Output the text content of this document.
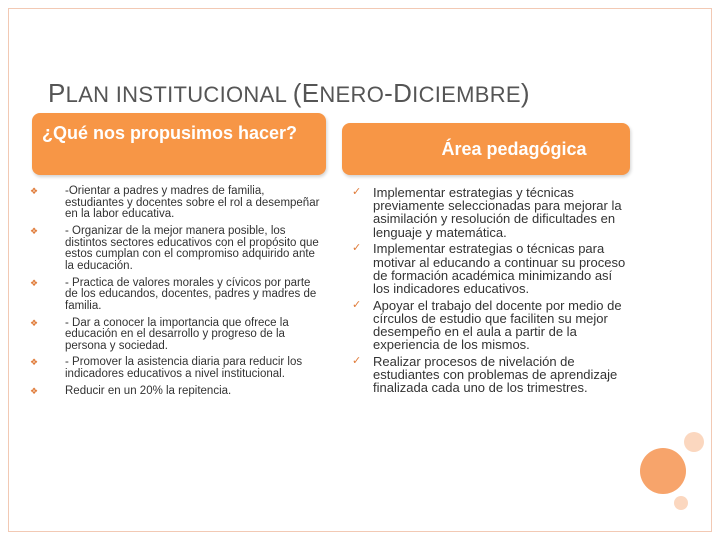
PLAN INSTITUCIONAL (ENERO-DICIEMBRE)
¿Qué nos propusimos hacer?
Área pedagógica
❖ -Orientar a padres y madres de familia, estudiantes y docentes sobre el rol a desempeñar en la labor educativa.
❖ - Organizar de la mejor manera posible, los distintos sectores educativos con el propósito que estos cumplan con el compromiso adquirido ante la educación.
❖ - Practica de valores morales y cívicos por parte de los educandos, docentes, padres y madres de familia.
❖ - Dar a conocer la importancia que ofrece la educación en el desarrollo y progreso de la persona y sociedad.
❖ - Promover la asistencia diaria para reducir los indicadores educativos a nivel institucional.
❖ Reducir en un 20% la repitencia.
✓ Implementar estrategias y técnicas previamente seleccionadas para mejorar la asimilación y resolución de dificultades en lenguaje y matemática.
✓ Implementar estrategias o técnicas para motivar al educando a continuar su proceso de formación académica minimizando así los indicadores educativos.
✓ Apoyar el trabajo del docente por medio de círculos de estudio que faciliten su mejor desempeño en el aula a partir de la experiencia de los mismos.
✓ Realizar procesos de nivelación de estudiantes con problemas de aprendizaje finalizada cada uno de los trimestres.
